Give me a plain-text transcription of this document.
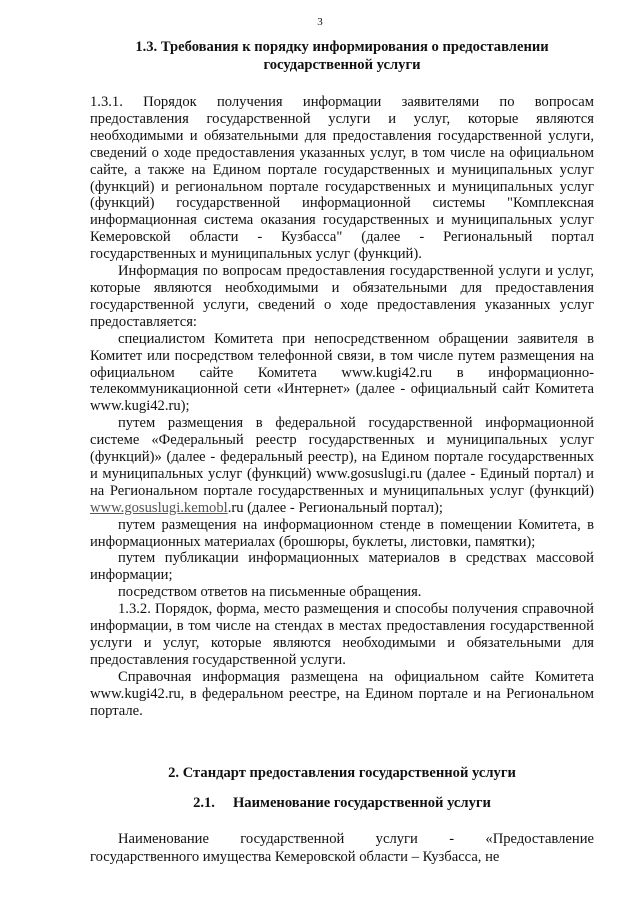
3
1.3. Требования к порядку информирования о предоставлении
государственной услуги

1.3.1. Порядок получения информации заявителями по вопросам предоставления государственной услуги и услуг, которые являются необходимыми и обязательными для предоставления государственной услуги, сведений о ходе предоставления указанных услуг, в том числе на официальном сайте, а также на Едином портале государственных и муниципальных услуг (функций) и региональном портале государственных и муниципальных услуг (функций) государственной информационной системы "Комплексная информационная система оказания государственных и муниципальных услуг Кемеровской области - Кузбасса" (далее - Региональный портал государственных и муниципальных услуг (функций).

Информация по вопросам предоставления государственной услуги и услуг, которые являются необходимыми и обязательными для предоставления государственной услуги, сведений о ходе предоставления указанных услуг предоставляется:

специалистом Комитета при непосредственном обращении заявителя в Комитет или посредством телефонной связи, в том числе путем размещения на официальном сайте Комитета www.kugi42.ru в информационно-телекоммуникационной сети «Интернет» (далее - официальный сайт Комитета www.kugi42.ru);

путем размещения в федеральной государственной информационной системе «Федеральный реестр государственных и муниципальных услуг (функций)» (далее - федеральный реестр), на Едином портале государственных и муниципальных услуг (функций) www.gosuslugi.ru (далее - Единый портал) и на Региональном портале государственных и муниципальных услуг (функций) www.gosuslugi.kemobl.ru (далее - Региональный портал);

путем размещения на информационном стенде в помещении Комитета, в информационных материалах (брошюры, буклеты, листовки, памятки);

путем публикации информационных материалов в средствах массовой информации;

посредством ответов на письменные обращения.

1.3.2. Порядок, форма, место размещения и способы получения справочной информации, в том числе на стендах в местах предоставления государственной услуги и услуг, которые являются необходимыми и обязательными для предоставления государственной услуги.

Справочная информация размещена на официальном сайте Комитета www.kugi42.ru, в федеральном реестре, на Едином портале и на Региональном портале.

2. Стандарт предоставления государственной услуги
2.1. Наименование государственной услуги

Наименование государственной услуги - «Предоставление государственного имущества Кемеровской области – Кузбасса, не
